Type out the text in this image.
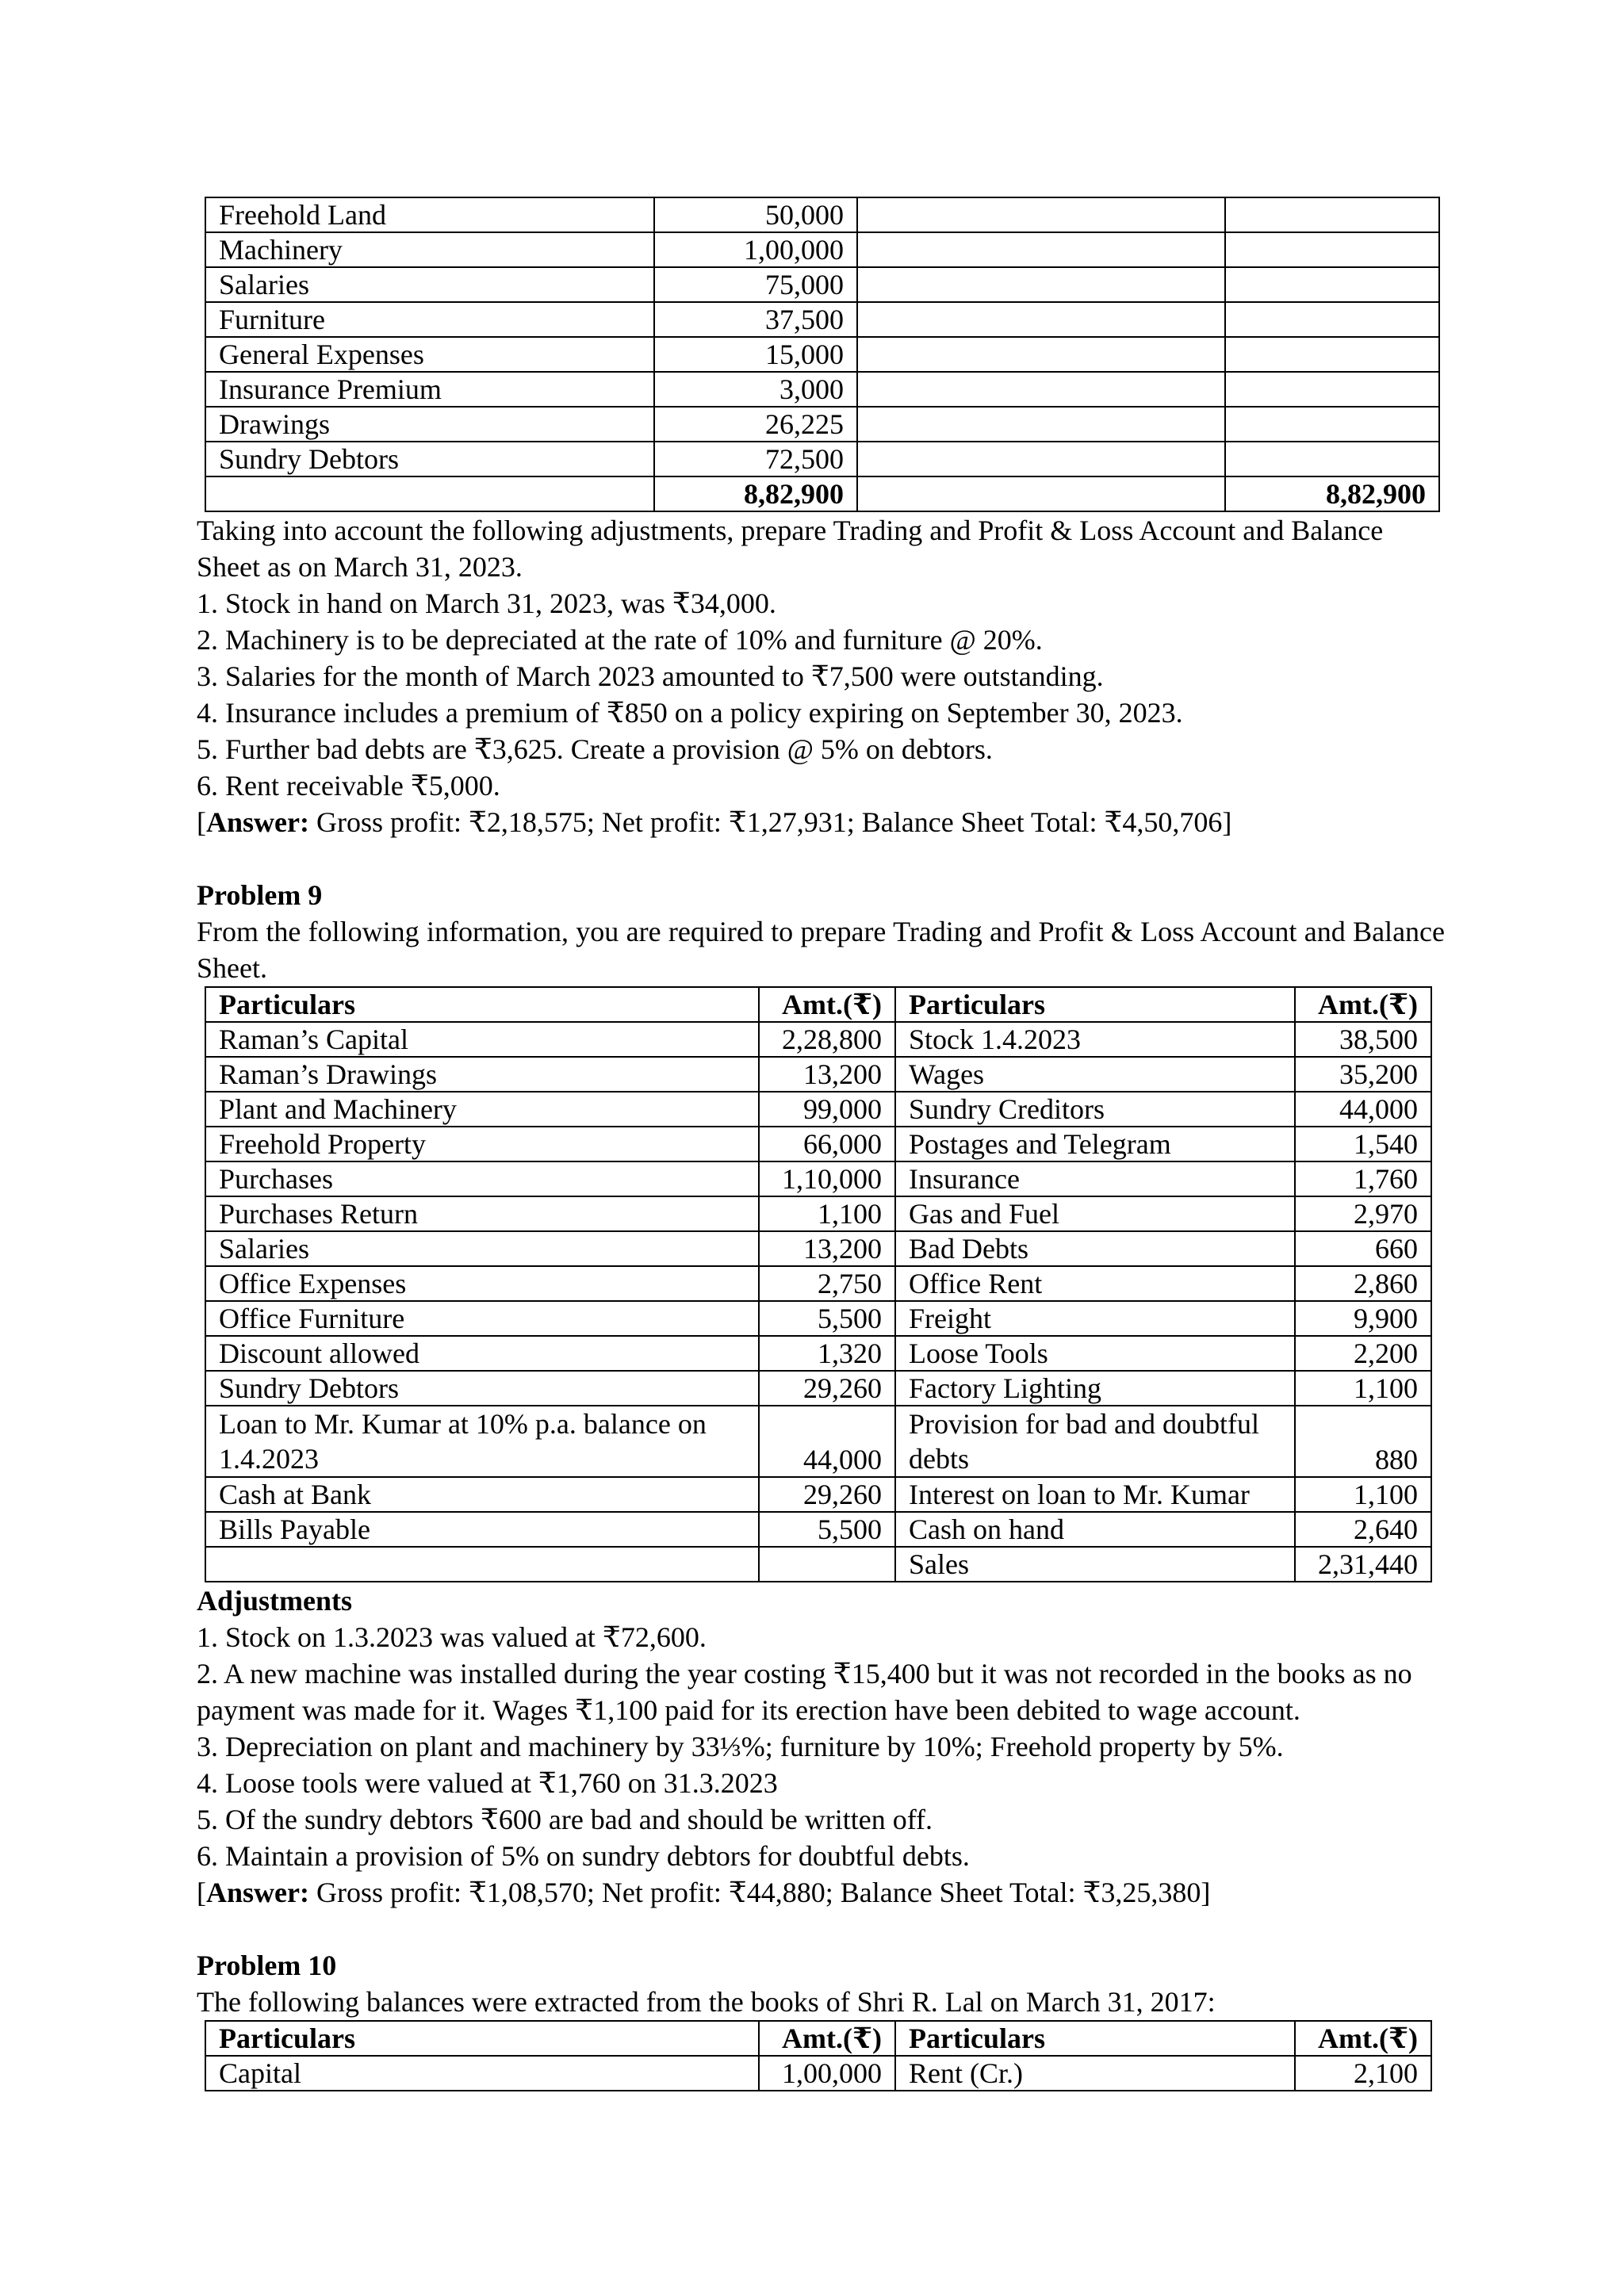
Freehold Land	50,000		
Machinery	1,00,000		
Salaries	75,000		
Furniture	37,500		
General Expenses	15,000		
Insurance Premium	3,000		
Drawings	26,225		
Sundry Debtors	72,500		
	8,82,900		8,82,900

Taking into account the following adjustments, prepare Trading and Profit & Loss Account and Balance Sheet as on March 31, 2023.

1. Stock in hand on March 31, 2023, was ₹34,000.

2. Machinery is to be depreciated at the rate of 10% and furniture @ 20%.

3. Salaries for the month of March 2023 amounted to ₹7,500 were outstanding.

4. Insurance includes a premium of ₹850 on a policy expiring on September 30, 2023.

5. Further bad debts are ₹3,625. Create a provision @ 5% on debtors.

6. Rent receivable ₹5,000.

[Answer: Gross profit: ₹2,18,575; Net profit: ₹1,27,931; Balance Sheet Total: ₹4,50,706]

Problem 9

From the following information, you are required to prepare Trading and Profit & Loss Account and Balance Sheet.

Particulars	Amt.(₹)	Particulars	Amt.(₹)
Raman’s Capital	2,28,800	Stock 1.4.2023	38,500
Raman’s Drawings	13,200	Wages	35,200
Plant and Machinery	99,000	Sundry Creditors	44,000
Freehold Property	66,000	Postages and Telegram	1,540
Purchases	1,10,000	Insurance	1,760
Purchases Return	1,100	Gas and Fuel	2,970
Salaries	13,200	Bad Debts	660
Office Expenses	2,750	Office Rent	2,860
Office Furniture	5,500	Freight	9,900
Discount allowed	1,320	Loose Tools	2,200
Sundry Debtors	29,260	Factory Lighting	1,100
Loan to Mr. Kumar at 10% p.a. balance on 1.4.2023	44,000	Provision for bad and doubtful debts	880
Cash at Bank	29,260	Interest on loan to Mr. Kumar	1,100
Bills Payable	5,500	Cash on hand	2,640
		Sales	2,31,440

Adjustments

1. Stock on 1.3.2023 was valued at ₹72,600.

2. A new machine was installed during the year costing ₹15,400 but it was not recorded in the books as no payment was made for it. Wages ₹1,100 paid for its erection have been debited to wage account.

3. Depreciation on plant and machinery by 33⅓%; furniture by 10%; Freehold property by 5%.

4. Loose tools were valued at ₹1,760 on 31.3.2023

5. Of the sundry debtors ₹600 are bad and should be written off.

6. Maintain a provision of 5% on sundry debtors for doubtful debts.

[Answer: Gross profit: ₹1,08,570; Net profit: ₹44,880; Balance Sheet Total: ₹3,25,380]

Problem 10

The following balances were extracted from the books of Shri R. Lal on March 31, 2017:

Particulars	Amt.(₹)	Particulars	Amt.(₹)
Capital	1,00,000	Rent (Cr.)	2,100
